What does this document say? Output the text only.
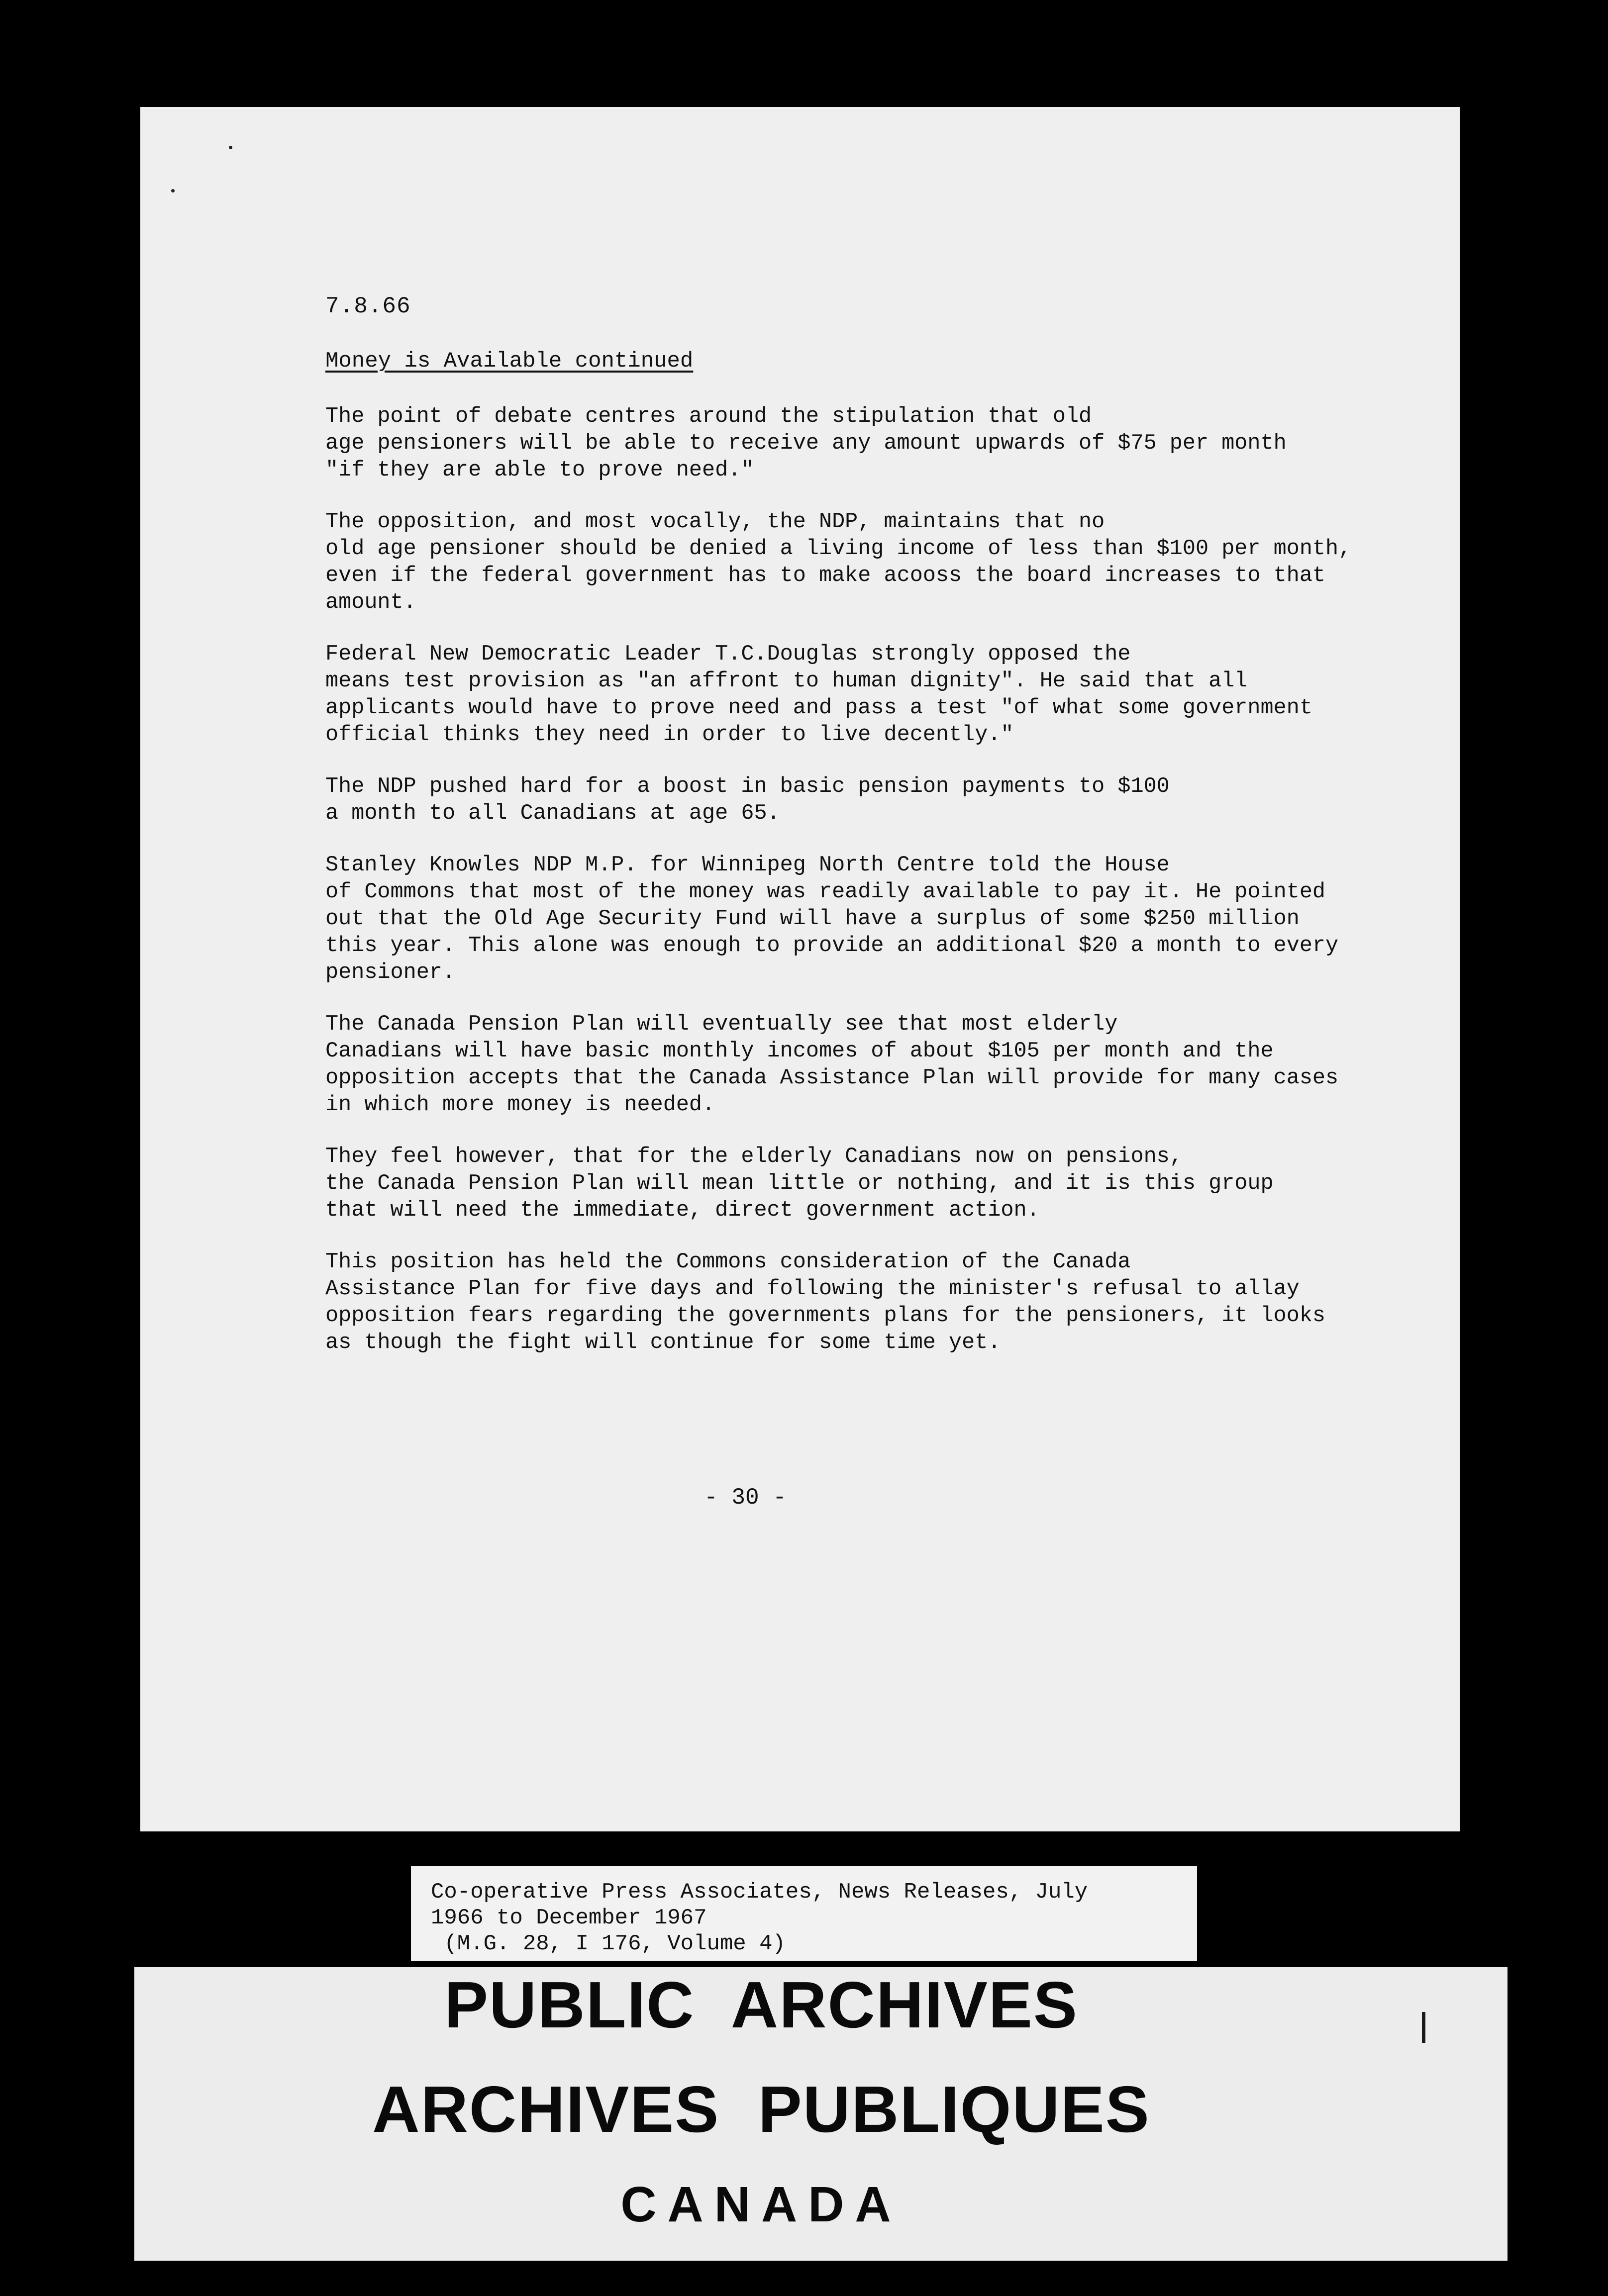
7.8.66
Money is Available continued

The point of debate centres around the stipulation that old
age pensioners will be able to receive any amount upwards of $75 per month
"if they are able to prove need."

The opposition, and most vocally, the NDP, maintains that no
old age pensioner should be denied a living income of less than $100 per month,
even if the federal government has to make acooss the board increases to that
amount.

Federal New Democratic Leader T.C.Douglas strongly opposed the
means test provision as "an affront to human dignity". He said that all
applicants would have to prove need and pass a test "of what some government
official thinks they need in order to live decently."

The NDP pushed hard for a boost in basic pension payments to $100
a month to all Canadians at age 65.

Stanley Knowles NDP M.P. for Winnipeg North Centre told the House
of Commons that most of the money was readily available to pay it. He pointed
out that the Old Age Security Fund will have a surplus of some $250 million
this year. This alone was enough to provide an additional $20 a month to every
pensioner.

The Canada Pension Plan will eventually see that most elderly
Canadians will have basic monthly incomes of about $105 per month and the
opposition accepts that the Canada Assistance Plan will provide for many cases
in which more money is needed.

They feel however, that for the elderly Canadians now on pensions,
the Canada Pension Plan will mean little or nothing, and it is this group
that will need the immediate, direct government action.

This position has held the Commons consideration of the Canada
Assistance Plan for five days and following the minister's refusal to allay
opposition fears regarding the governments plans for the pensioners, it looks
as though the fight will continue for some time yet.

- 30 -
Co-operative Press Associates, News Releases, July
1966 to December 1967
(M.G. 28, I 176, Volume 4)
PUBLIC  ARCHIVES
ARCHIVES  PUBLIQUES
CANADA
